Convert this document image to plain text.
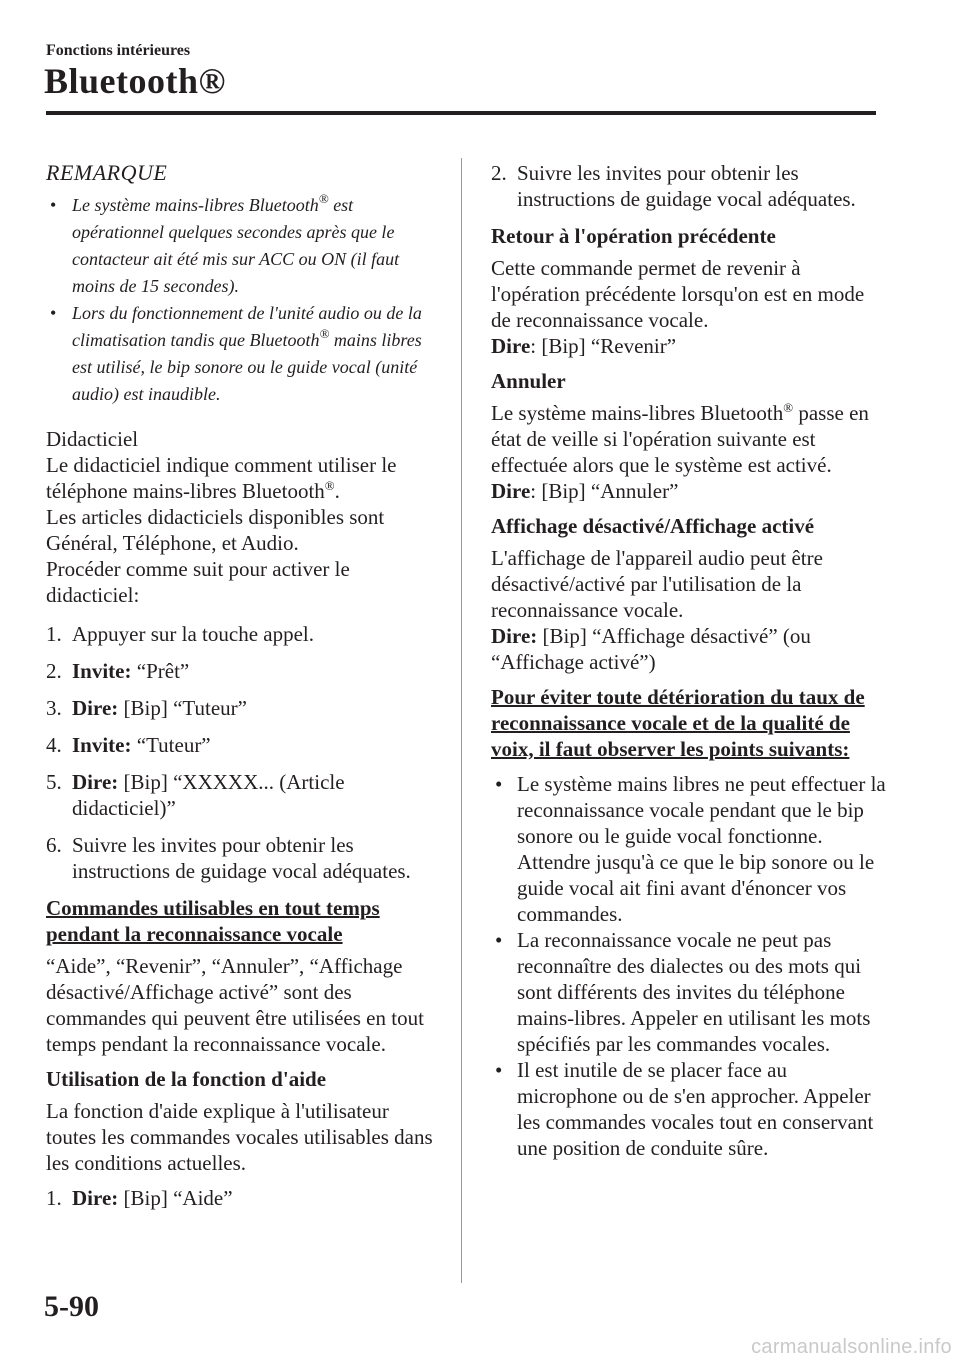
Fonctions intérieures
Bluetooth®
REMARQUE
• Le système mains-libres Bluetooth® est opérationnel quelques secondes après que le contacteur ait été mis sur ACC ou ON (il faut moins de 15 secondes).
• Lors du fonctionnement de l'unité audio ou de la climatisation tandis que Bluetooth® mains libres est utilisé, le bip sonore ou le guide vocal (unité audio) est inaudible.

Didacticiel

Le didacticiel indique comment utiliser le téléphone mains-libres Bluetooth®.

Les articles didacticiels disponibles sont Général, Téléphone, et Audio.

Procéder comme suit pour activer le didacticiel:

1. Appuyer sur la touche appel.
2. Invite: “Prêt”
3. Dire: [Bip] “Tuteur”
4. Invite: “Tuteur”
5. Dire: [Bip] “XXXXX... (Article didacticiel)”
6. Suivre les invites pour obtenir les instructions de guidage vocal adéquates.

Commandes utilisables en tout temps pendant la reconnaissance vocale

“Aide”, “Revenir”, “Annuler”, “Affichage désactivé/Affichage activé” sont des commandes qui peuvent être utilisées en tout temps pendant la reconnaissance vocale.

Utilisation de la fonction d'aide

La fonction d'aide explique à l'utilisateur toutes les commandes vocales utilisables dans les conditions actuelles.

1. Dire: [Bip] “Aide”
2. Suivre les invites pour obtenir les instructions de guidage vocal adéquates.

Retour à l'opération précédente

Cette commande permet de revenir à l'opération précédente lorsqu'on est en mode de reconnaissance vocale.

Dire: [Bip] “Revenir”

Annuler

Le système mains-libres Bluetooth® passe en état de veille si l'opération suivante est effectuée alors que le système est activé.

Dire: [Bip] “Annuler”

Affichage désactivé/Affichage activé

L'affichage de l'appareil audio peut être désactivé/activé par l'utilisation de la reconnaissance vocale.

Dire: [Bip] “Affichage désactivé” (ou “Affichage activé”)

Pour éviter toute détérioration du taux de reconnaissance vocale et de la qualité de voix, il faut observer les points suivants:

• Le système mains libres ne peut effectuer la reconnaissance vocale pendant que le bip sonore ou le guide vocal fonctionne. Attendre jusqu'à ce que le bip sonore ou le guide vocal ait fini avant d'énoncer vos commandes.
• La reconnaissance vocale ne peut pas reconnaître des dialectes ou des mots qui sont différents des invites du téléphone mains-libres. Appeler en utilisant les mots spécifiés par les commandes vocales.
• Il est inutile de se placer face au microphone ou de s'en approcher. Appeler les commandes vocales tout en conservant une position de conduite sûre.
5-90
carmanualsonline.info
